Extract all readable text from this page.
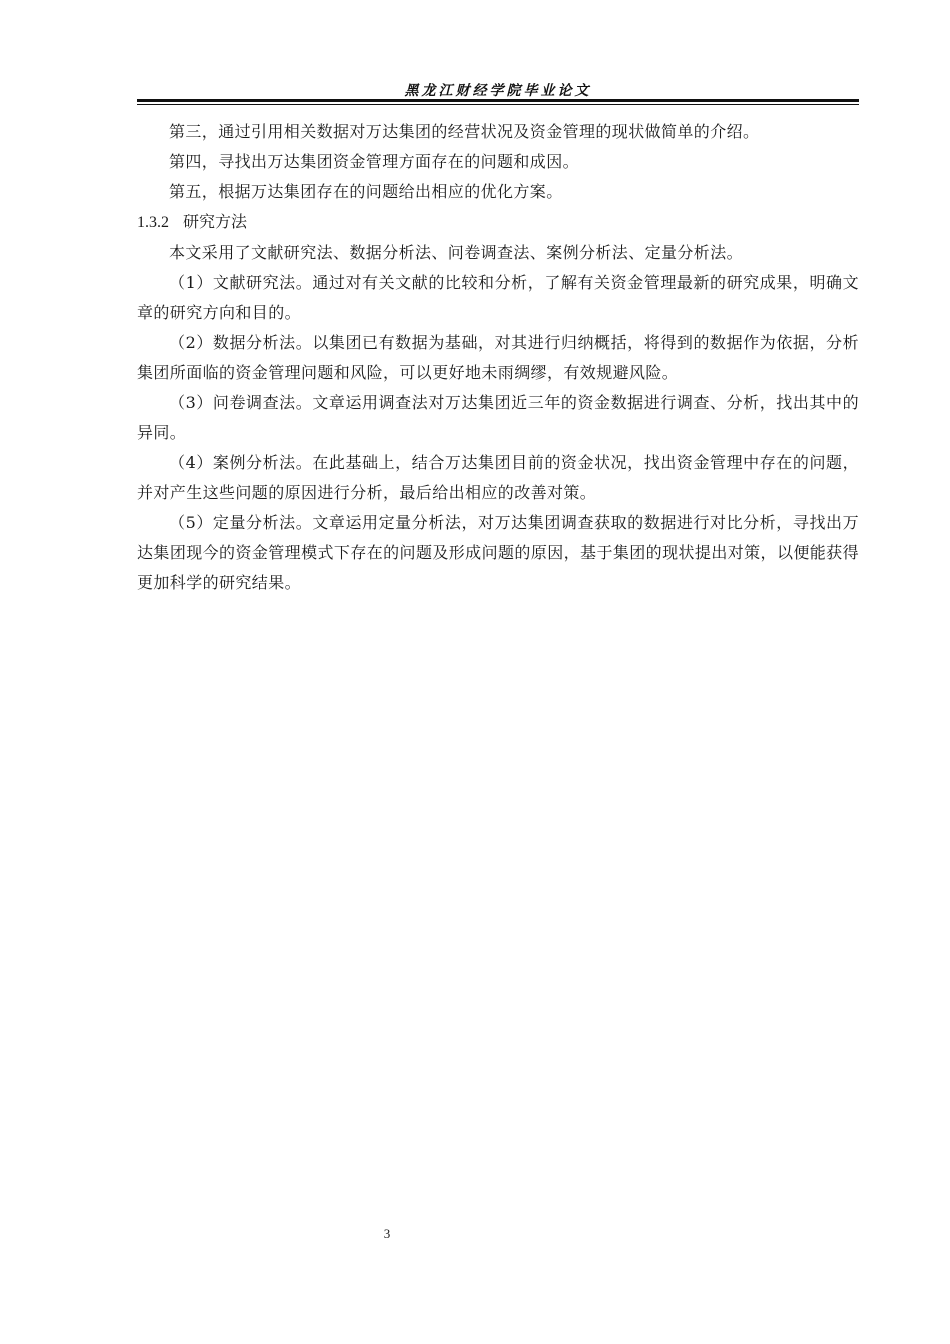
黑龙江财经学院毕业论文

第三，通过引用相关数据对万达集团的经营状况及资金管理的现状做简单的介绍。

第四，寻找出万达集团资金管理方面存在的问题和成因。

第五，根据万达集团存在的问题给出相应的优化方案。

1.3.2 研究方法

本文采用了文献研究法、数据分析法、问卷调查法、案例分析法、定量分析法。

（1）文献研究法。通过对有关文献的比较和分析，了解有关资金管理最新的研究成果，明确文章的研究方向和目的。

（2）数据分析法。以集团已有数据为基础，对其进行归纳概括，将得到的数据作为依据，分析集团所面临的资金管理问题和风险，可以更好地未雨绸缪，有效规避风险。

（3）问卷调查法。文章运用调查法对万达集团近三年的资金数据进行调查、分析，找出其中的异同。

（4）案例分析法。在此基础上，结合万达集团目前的资金状况，找出资金管理中存在的问题，并对产生这些问题的原因进行分析，最后给出相应的改善对策。

（5）定量分析法。文章运用定量分析法，对万达集团调查获取的数据进行对比分析，寻找出万达集团现今的资金管理模式下存在的问题及形成问题的原因，基于集团的现状提出对策，以便能获得更加科学的研究结果。

3
